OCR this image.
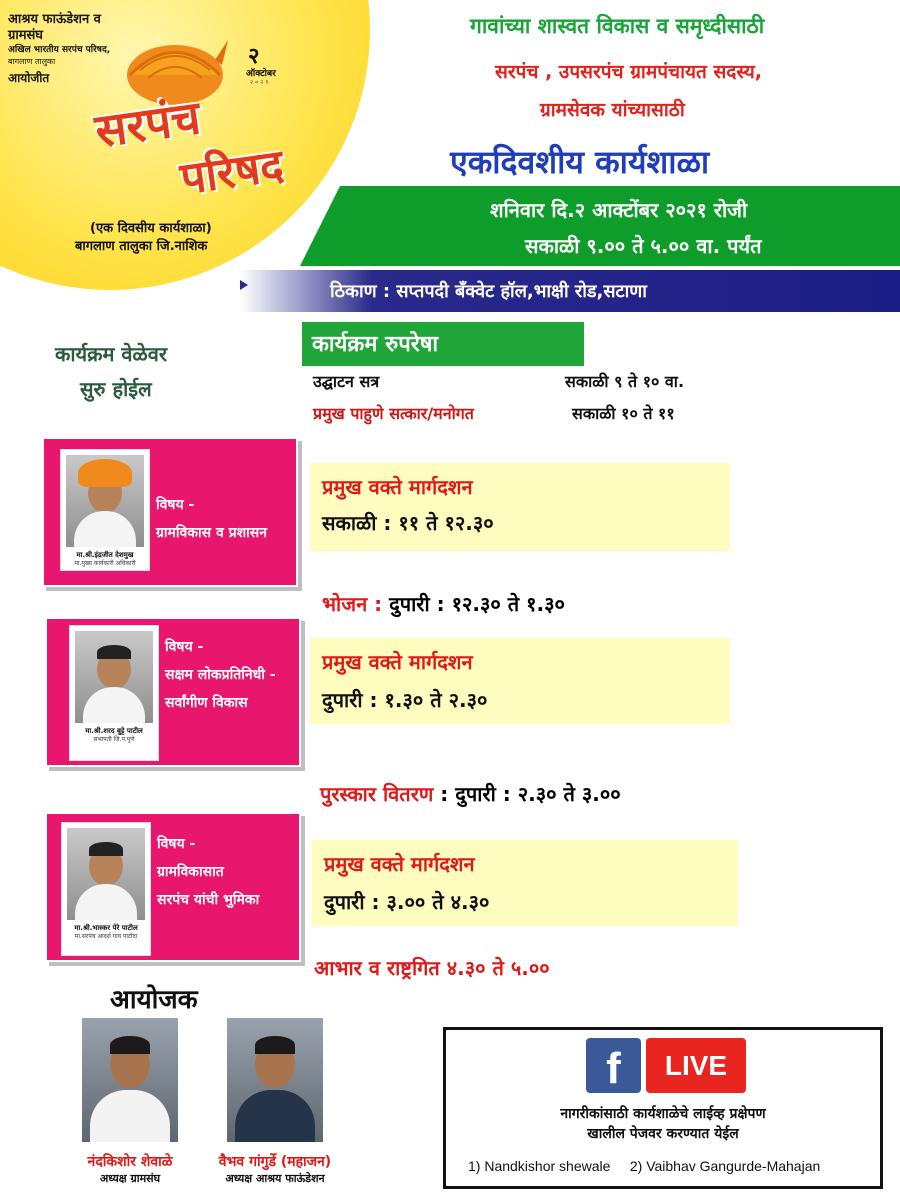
आश्रय फाऊंडेशन व
ग्रामसंघ
अखिल भारतीय सरपंच परिषद,
बागलाण तालुका
आयोजीत
२
ऑक्टोबर
२०२१
सरपंच
परिषद
(एक दिवसीय कार्यशाळा)
बागलाण तालुका जि.नाशिक
गावांच्या शास्वत विकास व समृध्दीसाठी
सरपंच , उपसरपंच ग्रामपंचायत सदस्य,
ग्रामसेवक यांच्यासाठी
एकदिवशीय कार्यशाळा
शनिवार दि.२ आक्टोंबर २०२१ रोजी
सकाळी ९.०० ते ५.०० वा. पर्यंत
ठिकाण : सप्तपदी बॅंक्वेट हॉल,भाक्षी रोड,सटाणा
कार्यक्रम रुपरेषा
कार्यक्रम वेळेवर
सुरु होईल	उद्घाटन सत्र	सकाळी ९ ते १० वा.
प्रमुख पाहुणे सत्कार/मनोगत	सकाळी १० ते ११
मा.श्री.इंद्रजीत देशमुख
मा.मुख्य कार्यकारी अधिकारी
विषय -
ग्रामविकास व प्रशासन
प्रमुख वक्ते मार्गदशन
सकाळी : ११ ते १२.३०
भोजन : दुपारी : १२.३० ते १.३०
मा.श्री.शरद बुट्टे पाटील
सभापती जि.प.पुणे
विषय -
सक्षम लोकप्रतिनिधी -
सर्वांगीण विकास
प्रमुख वक्ते मार्गदशन
दुपारी : १.३० ते २.३०
पुरस्कार वितरण : दुपारी : २.३० ते ३.००
मा.श्री.भास्कर पेरे पाटील
मा.सरपंच आदर्श गाव पाटोदा
विषय -
ग्रामविकासात
सरपंच यांची भुमिका
प्रमुख वक्ते मार्गदशन
दुपारी : ३.०० ते ४.३०
आभार व राष्ट्रगित ४.३० ते ५.००
आयोजक
नंदकिशोर शेवाळे
अध्यक्ष ग्रामसंघ
वैभव गांगुर्डे (महाजन)
अध्यक्ष आश्रय फाऊंडेशन
f	LIVE
नागरीकांसाठी कार्यशाळेचे लाईव्ह प्रक्षेपण
खालील पेजवर करण्यात येईल
1) Nandkishor shewale     2) Vaibhav Gangurde-Mahajan
